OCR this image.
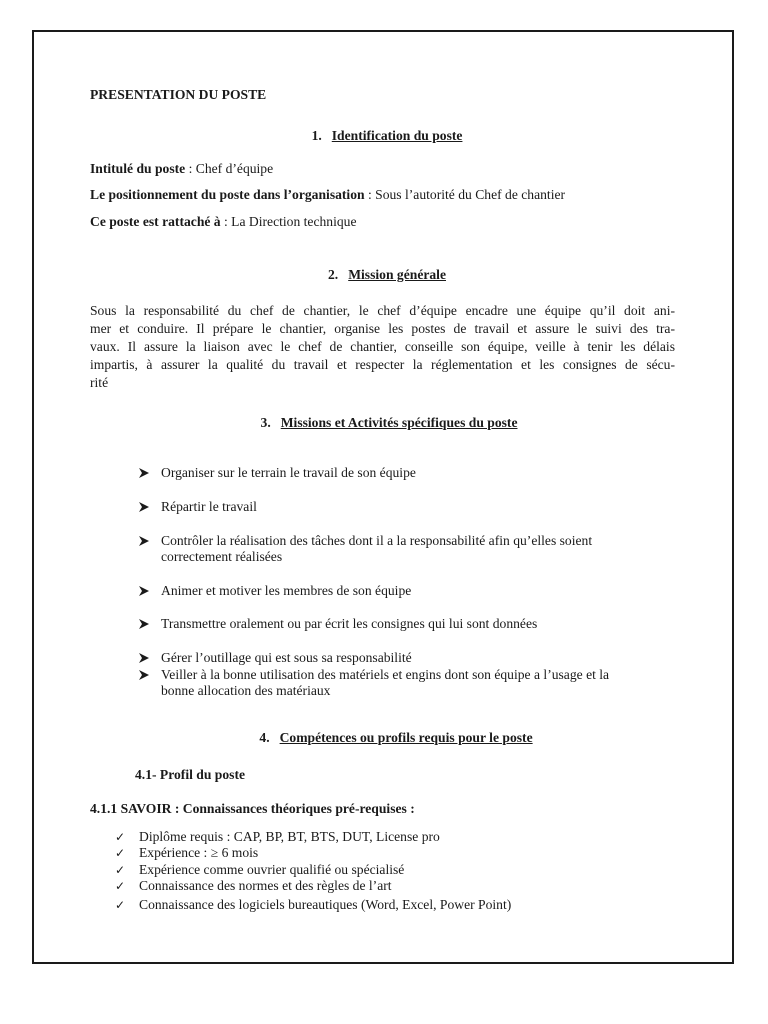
PRESENTATION DU POSTE
1. Identification du poste
Intitulé du poste : Chef d’équipe
Le positionnement du poste dans l’organisation : Sous l’autorité du Chef de chantier
Ce poste est rattaché à : La Direction technique
2. Mission générale
Sous la responsabilité du chef de chantier, le chef d’équipe encadre une équipe qu’il doit ani-
mer et conduire. Il prépare le chantier, organise les postes de travail et assure le suivi des tra-
vaux. Il assure la liaison avec le chef de chantier, conseille son équipe, veille à tenir les délais
impartis, à assurer la qualité du travail et respecter la réglementation et les consignes de sécu-
rité
3. Missions et Activités spécifiques du poste
Organiser sur le terrain le travail de son équipe
Répartir le travail
Contrôler la réalisation des tâches dont il a la responsabilité afin qu’elles soient
correctement réalisées
Animer et motiver les membres de son équipe
Transmettre oralement ou par écrit les consignes qui lui sont données
Gérer l’outillage qui est sous sa responsabilité
Veiller à la bonne utilisation des matériels et engins dont son équipe a l’usage et la
bonne allocation des matériaux
4. Compétences ou profils requis pour le poste
4.1- Profil du poste
4.1.1 SAVOIR : Connaissances théoriques pré-requises :
✓ Diplôme requis : CAP, BP, BT, BTS, DUT, License pro
✓ Expérience : ≥ 6 mois
✓ Expérience comme ouvrier qualifié ou spécialisé
✓ Connaissance des normes et des règles de l’art
✓ Connaissance des logiciels bureautiques (Word, Excel, Power Point)
